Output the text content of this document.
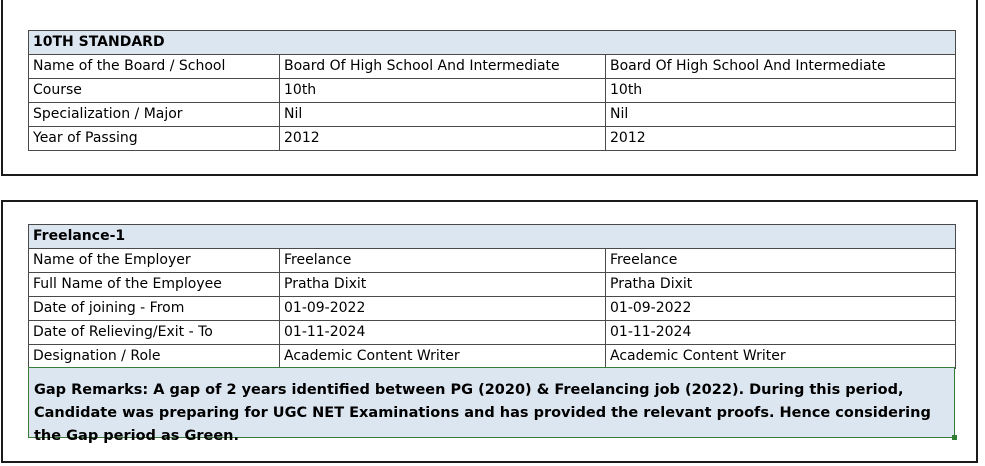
10TH STANDARD		
Name of the Board / School	Board Of High School And Intermediate	Board Of High School And Intermediate
Course	10th	10th
Specialization / Major	Nil	Nil
Year of Passing	2012	2012
Freelance-1		
Name of the Employer	Freelance	Freelance
Full Name of the Employee	Pratha Dixit	Pratha Dixit
Date of joining - From	01-09-2022	01-09-2022
Date of Relieving/Exit - To	01-11-2024	01-11-2024
Designation / Role	Academic Content Writer	Academic Content Writer
Gap Remarks: A gap of 2 years identified between PG (2020) & Freelancing job (2022). During this period, Candidate was preparing for UGC NET Examinations and has provided the relevant proofs. Hence considering the Gap period as Green.
